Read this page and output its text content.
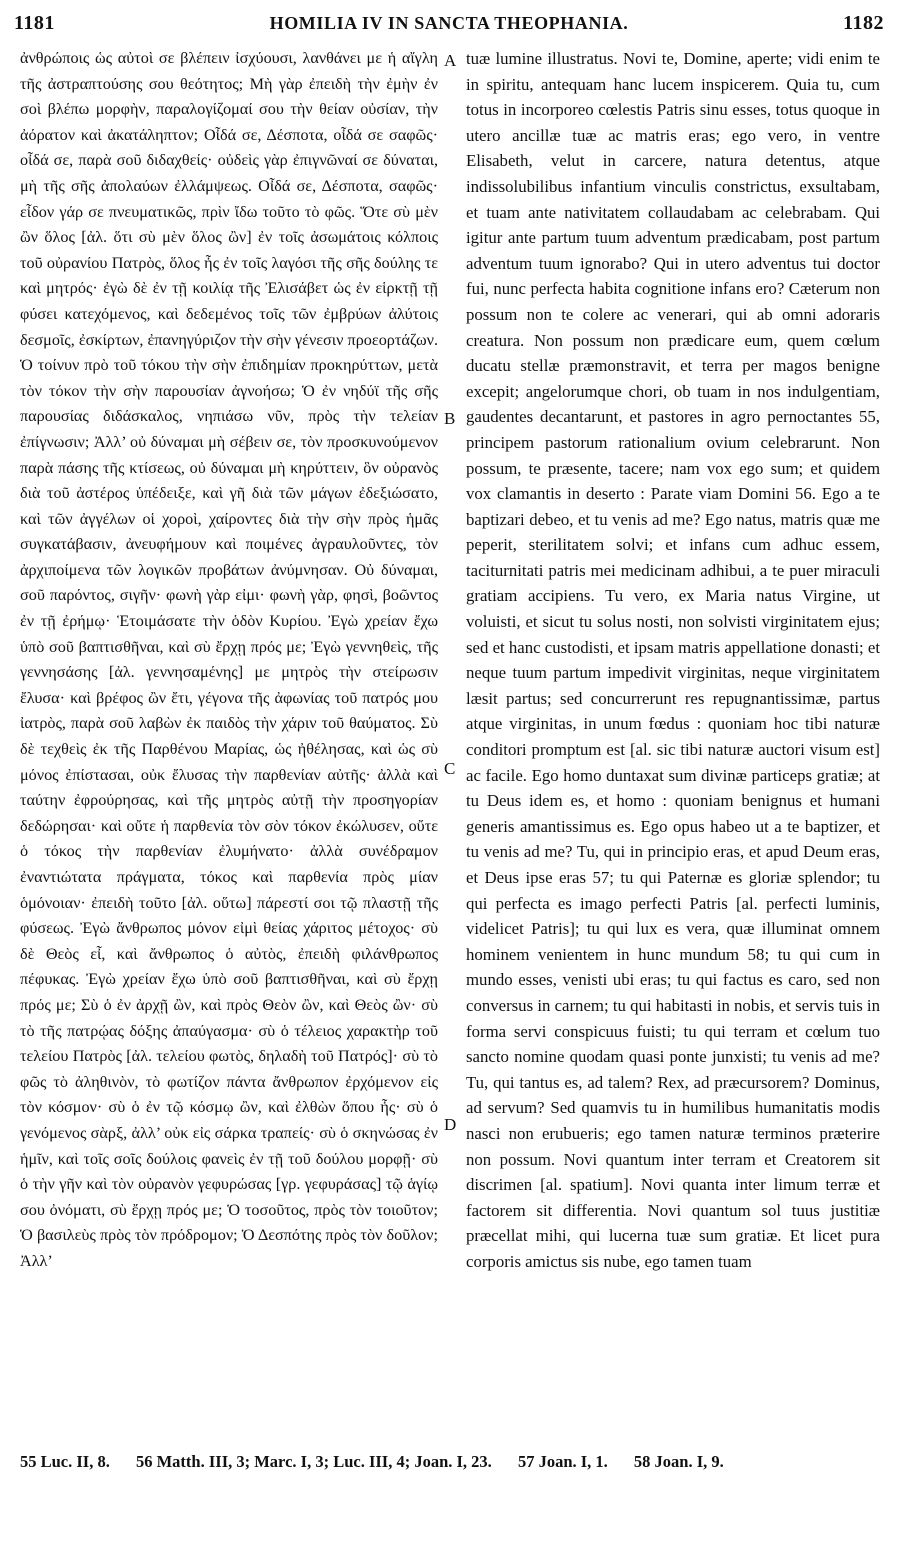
1181	HOMILIA IV IN SANCTA THEOPHANIA.	1182

ἀνθρώποις ὡς αὐτοὶ σε βλέπειν ἰσχύουσι, λανθάνει με ἡ αἴγλη τῆς ἀστραπτούσης σου θεότητος; Μὴ γὰρ ἐπειδὴ τὴν ἐμὴν ἐν σοὶ βλέπω μορφὴν, παραλογίζομαί σου τὴν θείαν οὐσίαν, τὴν ἀόρατον καὶ ἀκατάληπτον; Οἶδά σε, Δέσποτα, οἶδά σε σαφῶς· οἶδά σε, παρὰ σοῦ διδαχθείς· οὐδεὶς γὰρ ἐπιγνῶναί σε δύναται, μὴ τῆς σῆς ἀπολαύων ἐλλάμψεως. Οἶδά σε, Δέσποτα, σαφῶς· εἶδον γάρ σε πνευματικῶς, πρὶν ἴδω τοῦτο τὸ φῶς. Ὅτε σὺ μὲν ὢν ὅλος [ἀλ. ὅτι σὺ μὲν ὅλος ὢν] ἐν τοῖς ἀσωμάτοις κόλποις τοῦ οὐρανίου Πατρὸς, ὅλος ἦς ἐν τοῖς λαγόσι τῆς σῆς δούλης τε καὶ μητρός· ἐγὼ δὲ ἐν τῇ κοιλίᾳ τῆς Ἐλισάβετ ὡς ἐν εἱρκτῇ τῇ φύσει κατεχόμενος, καὶ δεδεμένος τοῖς τῶν ἐμβρύων ἀλύτοις δεσμοῖς, ἐσκίρτων, ἐπανηγύριζον τὴν σὴν γένεσιν προεορτάζων. Ὁ τοίνυν πρὸ τοῦ τόκου τὴν σὴν ἐπιδημίαν προκηρύττων, μετὰ τὸν τόκον τὴν σὴν παρουσίαν ἀγνοήσω; Ὁ ἐν νηδύϊ τῆς σῆς παρουσίας διδάσκαλος, νηπιάσω νῦν, πρὸς τὴν τελείαν ἐπίγνωσιν; Ἀλλ’ οὐ δύναμαι μὴ σέβειν σε, τὸν προσκυνούμενον παρὰ πάσης τῆς κτίσεως, οὐ δύναμαι μὴ κηρύττειν, ὃν οὐρανὸς διὰ τοῦ ἀστέρος ὑπέδειξε, καὶ γῆ διὰ τῶν μάγων ἐδεξιώσατο, καὶ τῶν ἀγγέλων οἱ χοροὶ, χαίροντες διὰ τὴν σὴν πρὸς ἡμᾶς συγκατάβασιν, ἀνευφήμουν καὶ ποιμένες ἀγραυλοῦντες, τὸν ἀρχιποίμενα τῶν λογικῶν προβάτων ἀνύμνησαν. Οὐ δύναμαι, σοῦ παρόντος, σιγῆν· φωνὴ γὰρ εἰμι· φωνὴ γὰρ, φησὶ, βοῶντος ἐν τῇ ἐρήμῳ· Ἑτοιμάσατε τὴν ὁδὸν Κυρίου. Ἐγὼ χρείαν ἔχω ὑπὸ σοῦ βαπτισθῆναι, καὶ σὺ ἔρχῃ πρός με; Ἐγὼ γεννηθεὶς, τῆς γεννησάσης [ἀλ. γεννησαμένης] με μητρὸς τὴν στείρωσιν ἔλυσα· καὶ βρέφος ὢν ἔτι, γέγονα τῆς ἀφωνίας τοῦ πατρός μου ἰατρὸς, παρὰ σοῦ λαβὼν ἐκ παιδὸς τὴν χάριν τοῦ θαύματος. Σὺ δὲ τεχθεὶς ἐκ τῆς Παρθένου Μαρίας, ὡς ἠθέλησας, καὶ ὡς σὺ μόνος ἐπίστασαι, οὐκ ἔλυσας τὴν παρθενίαν αὐτῆς· ἀλλὰ καὶ ταύτην ἐφρούρησας, καὶ τῆς μητρὸς αὐτῇ τὴν προσηγορίαν δεδώρησαι· καὶ οὔτε ἡ παρθενία τὸν σὸν τόκον ἐκώλυσεν, οὔτε ὁ τόκος τὴν παρθενίαν ἐλυμήνατο· ἀλλὰ συνέδραμον ἐναντιώτατα πράγματα, τόκος καὶ παρθενία πρὸς μίαν ὁμόνοιαν· ἐπειδὴ τοῦτο [ἀλ. οὕτω] πάρεστί σοι τῷ πλαστῇ τῆς φύσεως. Ἐγὼ ἄνθρωπος μόνον εἰμὶ θείας χάριτος μέτοχος· σὺ δὲ Θεὸς εἶ, καὶ ἄνθρωπος ὁ αὐτὸς, ἐπειδὴ φιλάνθρωπος πέφυκας. Ἐγὼ χρείαν ἔχω ὑπὸ σοῦ βαπτισθῆναι, καὶ σὺ ἔρχῃ πρός με; Σὺ ὁ ἐν ἀρχῇ ὢν, καὶ πρὸς Θεὸν ὢν, καὶ Θεὸς ὢν· σὺ τὸ τῆς πατρῴας δόξης ἀπαύγασμα· σὺ ὁ τέλειος χαρακτὴρ τοῦ τελείου Πατρὸς [ἀλ. τελείου φωτὸς, δηλαδὴ τοῦ Πατρός]· σὺ τὸ φῶς τὸ ἀληθινὸν, τὸ φωτίζον πάντα ἄνθρωπον ἐρχόμενον εἰς τὸν κόσμον· σὺ ὁ ἐν τῷ κόσμῳ ὢν, καὶ ἐλθὼν ὅπου ἦς· σὺ ὁ γενόμενος σὰρξ, ἀλλ’ οὐκ εἰς σάρκα τραπείς· σὺ ὁ σκηνώσας ἐν ἡμῖν, καὶ τοῖς σοῖς δούλοις φανεὶς ἐν τῇ τοῦ δούλου μορφῇ· σὺ ὁ τὴν γῆν καὶ τὸν οὐρανὸν γεφυρώσας [γρ. γεφυράσας] τῷ ἁγίῳ σου ὀνόματι, σὺ ἔρχῃ πρός με; Ὁ τοσοῦτος, πρὸς τὸν τοιοῦτον; Ὁ βασιλεὺς πρὸς τὸν πρόδρομον; Ὁ Δεσπότης πρὸς τὸν δοῦλον; Ἀλλ’

A
B
C
D

tuæ lumine illustratus. Novi te, Domine, aperte; vidi enim te in spiritu, antequam hanc lucem inspicerem. Quia tu, cum totus in incorporeo cœlestis Patris sinu esses, totus quoque in utero ancillæ tuæ ac matris eras; ego vero, in ventre Elisabeth, velut in carcere, natura detentus, atque indissolubilibus infantium vinculis constrictus, exsultabam, et tuam ante nativitatem collaudabam ac celebrabam. Qui igitur ante partum tuum adventum prædicabam, post partum adventum tuum ignorabo? Qui in utero adventus tui doctor fui, nunc perfecta habita cognitione infans ero? Cæterum non possum non te colere ac venerari, qui ab omni adoraris creatura. Non possum non prædicare eum, quem cœlum ducatu stellæ præmonstravit, et terra per magos benigne excepit; angelorumque chori, ob tuam in nos indulgentiam, gaudentes decantarunt, et pastores in agro pernoctantes 55, principem pastorum rationalium ovium celebrarunt. Non possum, te præsente, tacere; nam vox ego sum; et quidem vox clamantis in deserto : Parate viam Domini 56. Ego a te baptizari debeo, et tu venis ad me? Ego natus, matris quæ me peperit, sterilitatem solvi; et infans cum adhuc essem, taciturnitati patris mei medicinam adhibui, a te puer miraculi gratiam accipiens. Tu vero, ex Maria natus Virgine, ut voluisti, et sicut tu solus nosti, non solvisti virginitatem ejus; sed et hanc custodisti, et ipsam matris appellatione donasti; et neque tuum partum impedivit virginitas, neque virginitatem læsit partus; sed concurrerunt res repugnantissimæ, partus atque virginitas, in unum fœdus : quoniam hoc tibi naturæ conditori promptum est [al. sic tibi naturæ auctori visum est] ac facile. Ego homo duntaxat sum divinæ particeps gratiæ; at tu Deus idem es, et homo : quoniam benignus et humani generis amantissimus es. Ego opus habeo ut a te baptizer, et tu venis ad me? Tu, qui in principio eras, et apud Deum eras, et Deus ipse eras 57; tu qui Paternæ es gloriæ splendor; tu qui perfecta es imago perfecti Patris [al. perfecti luminis, videlicet Patris]; tu qui lux es vera, quæ illuminat omnem hominem venientem in hunc mundum 58; tu qui cum in mundo esses, venisti ubi eras; tu qui factus es caro, sed non conversus in carnem; tu qui habitasti in nobis, et servis tuis in forma servi conspicuus fuisti; tu qui terram et cœlum tuo sancto nomine quodam quasi ponte junxisti; tu venis ad me? Tu, qui tantus es, ad talem? Rex, ad præcursorem? Dominus, ad servum? Sed quamvis tu in humilibus humanitatis modis nasci non erubueris; ego tamen naturæ terminos præterire non possum. Novi quantum inter terram et Creatorem sit discrimen [al. spatium]. Novi quanta inter limum terræ et factorem sit differentia. Novi quantum sol tuus justitiæ præcellat mihi, qui lucerna tuæ sum gratiæ. Et licet pura corporis amictus sis nube, ego tamen tuam

55 Luc. II, 8. 56 Matth. III, 3; Marc. I, 3; Luc. III, 4; Joan. I, 23. 57 Joan. I, 1. 58 Joan. I, 9.
